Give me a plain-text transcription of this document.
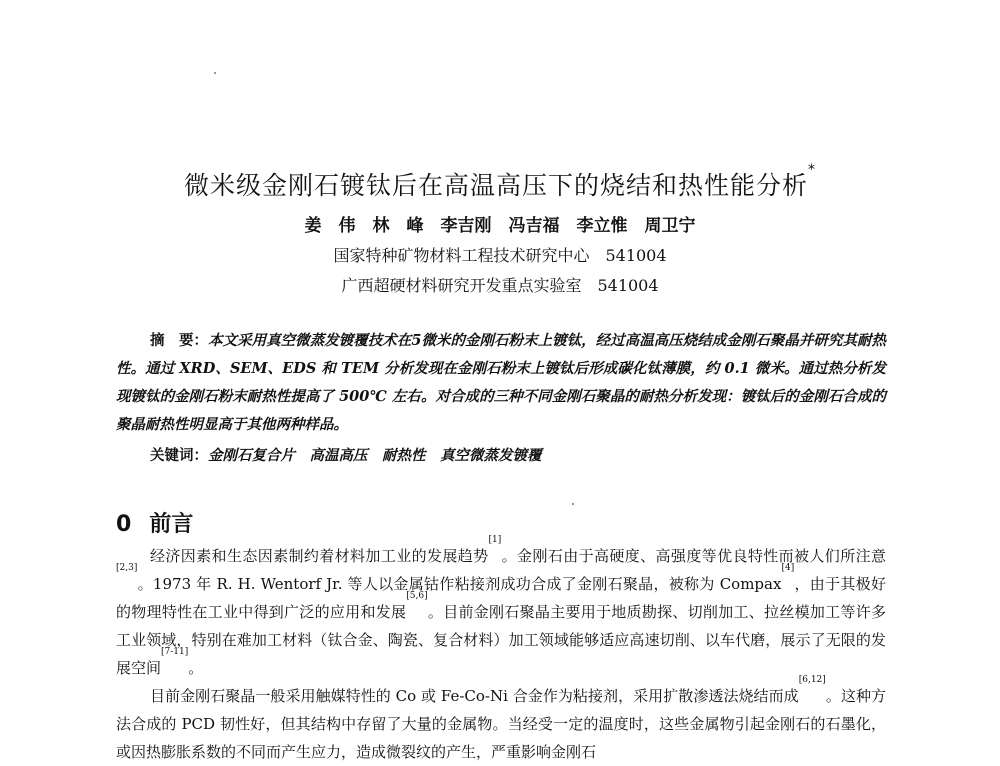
微米级金刚石镀钛后在高温高压下的烧结和热性能分析*
姜　伟　林　峰　李吉刚　冯吉福　李立惟　周卫宁
国家特种矿物材料工程技术研究中心　541004
广西超硬材料研究开发重点实验室　541004
摘　要：本文采用真空微蒸发镀覆技术在5微米的金刚石粉末上镀钛，经过高温高压烧结成金刚石聚晶并研究其耐热性。通过 XRD、SEM、EDS 和 TEM 分析发现在金刚石粉末上镀钛后形成碳化钛薄膜，约 0.1 微米。通过热分析发现镀钛的金刚石粉末耐热性提高了 500℃ 左右。对合成的三种不同金刚石聚晶的耐热分析发现：镀钛后的金刚石合成的聚晶耐热性明显高于其他两种样品。
关键词：金刚石复合片　高温高压　耐热性　真空微蒸发镀覆
0 前言

经济因素和生态因素制约着材料加工业的发展趋势[1]。金刚石由于高硬度、高强度等优良特性而被人们所注意[2,3]。1973 年 R. H. Wentorf Jr. 等人以金属钴作粘接剂成功合成了金刚石聚晶，被称为 Compax[4]，由于其极好的物理特性在工业中得到广泛的应用和发展[5,6]。目前金刚石聚晶主要用于地质勘探、切削加工、拉丝模加工等许多工业领域，特别在难加工材料（钛合金、陶瓷、复合材料）加工领域能够适应高速切削、以车代磨，展示了无限的发展空间[7-11]。

目前金刚石聚晶一般采用触媒特性的 Co 或 Fe-Co-Ni 合金作为粘接剂，采用扩散渗透法烧结而成[6,12]。这种方法合成的 PCD 韧性好，但其结构中存留了大量的金属物。当经受一定的温度时，这些金属物引起金刚石的石墨化，或因热膨胀系数的不同而产生应力，造成微裂纹的产生，严重影响金刚石
